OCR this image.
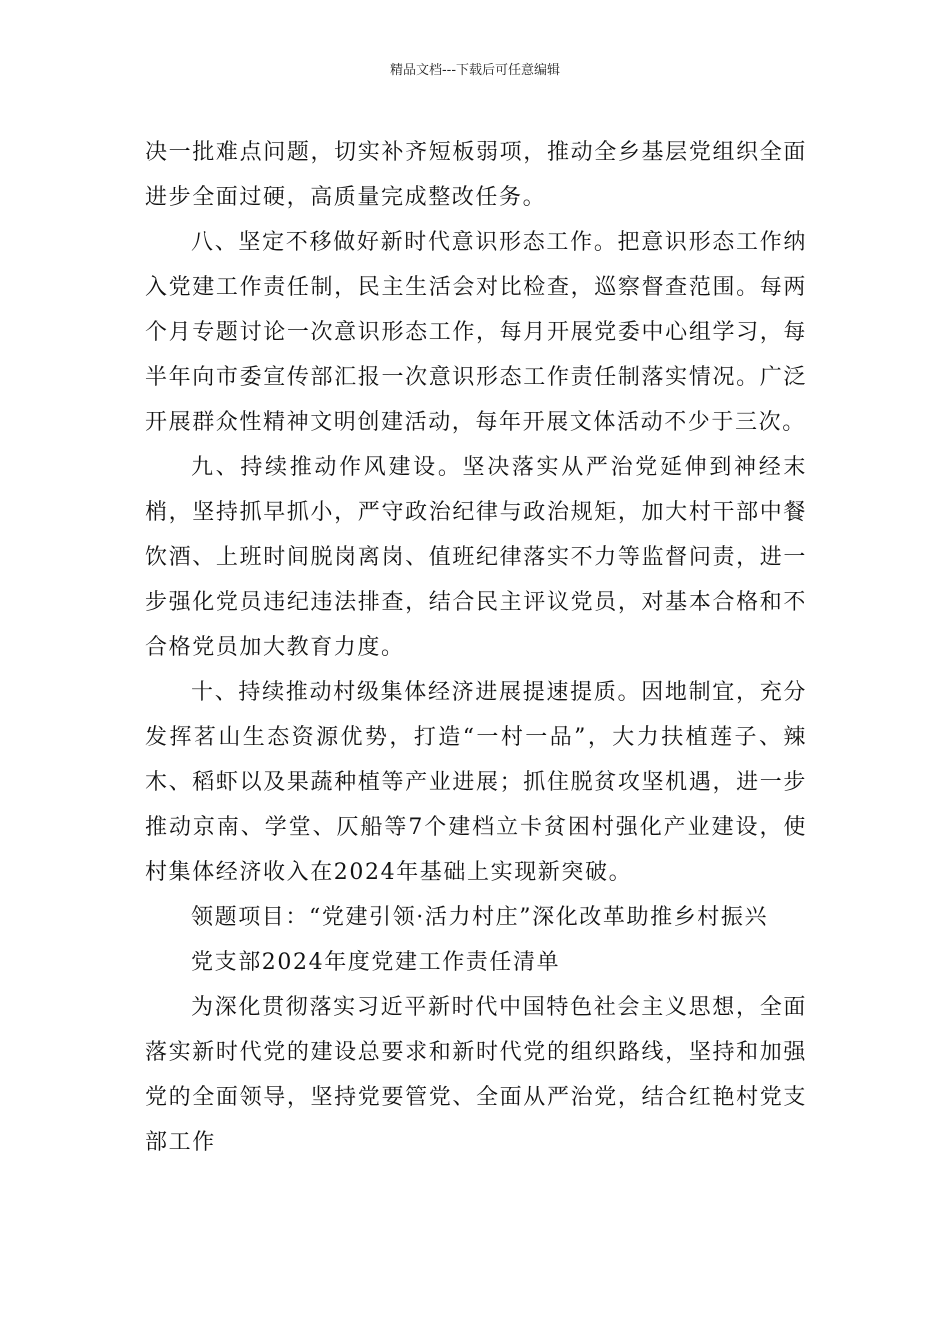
精品文档---下载后可任意编辑

决一批难点问题，切实补齐短板弱项，推动全乡基层党组织全面进步全面过硬，高质量完成整改任务。

八、坚定不移做好新时代意识形态工作。把意识形态工作纳入党建工作责任制，民主生活会对比检查，巡察督查范围。每两个月专题讨论一次意识形态工作，每月开展党委中心组学习，每半年向市委宣传部汇报一次意识形态工作责任制落实情况。广泛开展群众性精神文明创建活动，每年开展文体活动不少于三次。

九、持续推动作风建设。坚决落实从严治党延伸到神经末梢，坚持抓早抓小，严守政治纪律与政治规矩，加大村干部中餐饮酒、上班时间脱岗离岗、值班纪律落实不力等监督问责，进一步强化党员违纪违法排查，结合民主评议党员，对基本合格和不合格党员加大教育力度。

十、持续推动村级集体经济进展提速提质。因地制宜，充分发挥茗山生态资源优势，打造“一村一品”，大力扶植莲子、辣木、稻虾以及果蔬种植等产业进展；抓住脱贫攻坚机遇，进一步推动京南、学堂、仄船等7个建档立卡贫困村强化产业建设，使村集体经济收入在2024年基础上实现新突破。

领题项目：“党建引领·活力村庄”深化改革助推乡村振兴

党支部2024年度党建工作责任清单

为深化贯彻落实习近平新时代中国特色社会主义思想，全面落实新时代党的建设总要求和新时代党的组织路线，坚持和加强党的全面领导，坚持党要管党、全面从严治党，结合红艳村党支部工作
